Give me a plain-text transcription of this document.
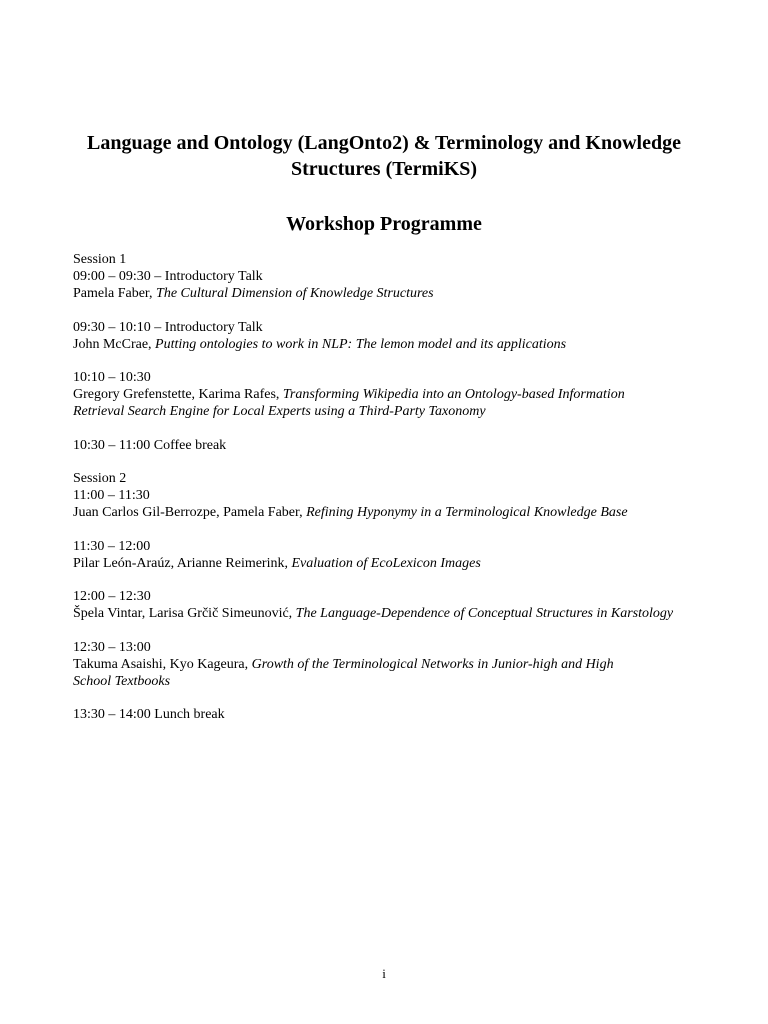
Language and Ontology (LangOnto2) & Terminology and Knowledge Structures (TermiKS)
Workshop Programme
Session 1
09:00 – 09:30 – Introductory Talk
Pamela Faber, The Cultural Dimension of Knowledge Structures
09:30 – 10:10 – Introductory Talk
John McCrae, Putting ontologies to work in NLP: The lemon model and its applications
10:10 – 10:30
Gregory Grefenstette, Karima Rafes, Transforming Wikipedia into an Ontology-based Information
Retrieval Search Engine for Local Experts using a Third-Party Taxonomy
10:30 – 11:00 Coffee break
Session 2
11:00 – 11:30
Juan Carlos Gil-Berrozpe, Pamela Faber, Refining Hyponymy in a Terminological Knowledge Base
11:30 – 12:00
Pilar León-Araúz, Arianne Reimerink, Evaluation of EcoLexicon Images
12:00 – 12:30
Špela Vintar, Larisa Grčič Simeunović, The Language-Dependence of Conceptual Structures in Karstology
12:30 – 13:00
Takuma Asaishi, Kyo Kageura, Growth of the Terminological Networks in Junior-high and High
School Textbooks
13:30 – 14:00 Lunch break
i
